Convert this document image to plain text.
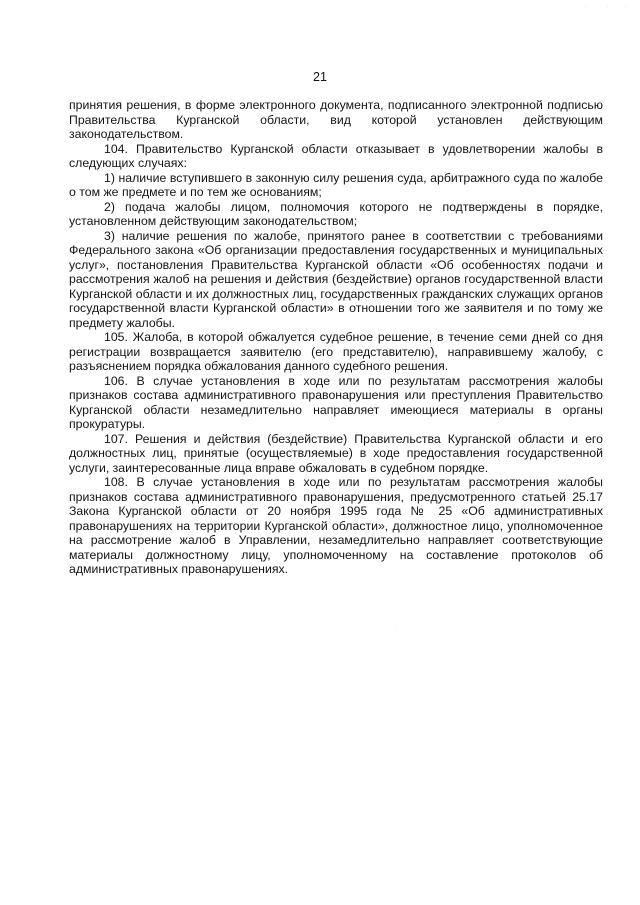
21

принятия решения, в форме электронного документа, подписанного электронной подписью Правительства Курганской области, вид которой установлен действующим законодательством.

104. Правительство Курганской области отказывает в удовлетворении жалобы в следующих случаях:

1) наличие вступившего в законную силу решения суда, арбитражного суда по жалобе о том же предмете и по тем же основаниям;

2) подача жалобы лицом, полномочия которого не подтверждены в порядке, установленном действующим законодательством;

3) наличие решения по жалобе, принятого ранее в соответствии с требованиями Федерального закона «Об организации предоставления государственных и муниципальных услуг», постановления Правительства Курганской области «Об особенностях подачи и рассмотрения жалоб на решения и действия (бездействие) органов государственной власти Курганской области и их должностных лиц, государственных гражданских служащих органов государственной власти Курганской области» в отношении того же заявителя и по тому же предмету жалобы.

105. Жалоба, в которой обжалуется судебное решение, в течение семи дней со дня регистрации возвращается заявителю (его представителю), направившему жалобу, с разъяснением порядка обжалования данного судебного решения.

106. В случае установления в ходе или по результатам рассмотрения жалобы признаков состава административного правонарушения или преступления Правительство Курганской области незамедлительно направляет имеющиеся материалы в органы прокуратуры.

107. Решения и действия (бездействие) Правительства Курганской области и его должностных лиц, принятые (осуществляемые) в ходе предоставления государственной услуги, заинтересованные лица вправе обжаловать в судебном порядке.

108. В случае установления в ходе или по результатам рассмотрения жалобы признаков состава административного правонарушения, предусмотренного статьей 25.17 Закона Курганской области от 20 ноября 1995 года № 25 «Об административных правонарушениях на территории Курганской области», должностное лицо, уполномоченное на рассмотрение жалоб в Управлении, незамедлительно направляет соответствующие материалы должностному лицу, уполномоченному на составление протоколов об административных правонарушениях.

·
·	·	·
